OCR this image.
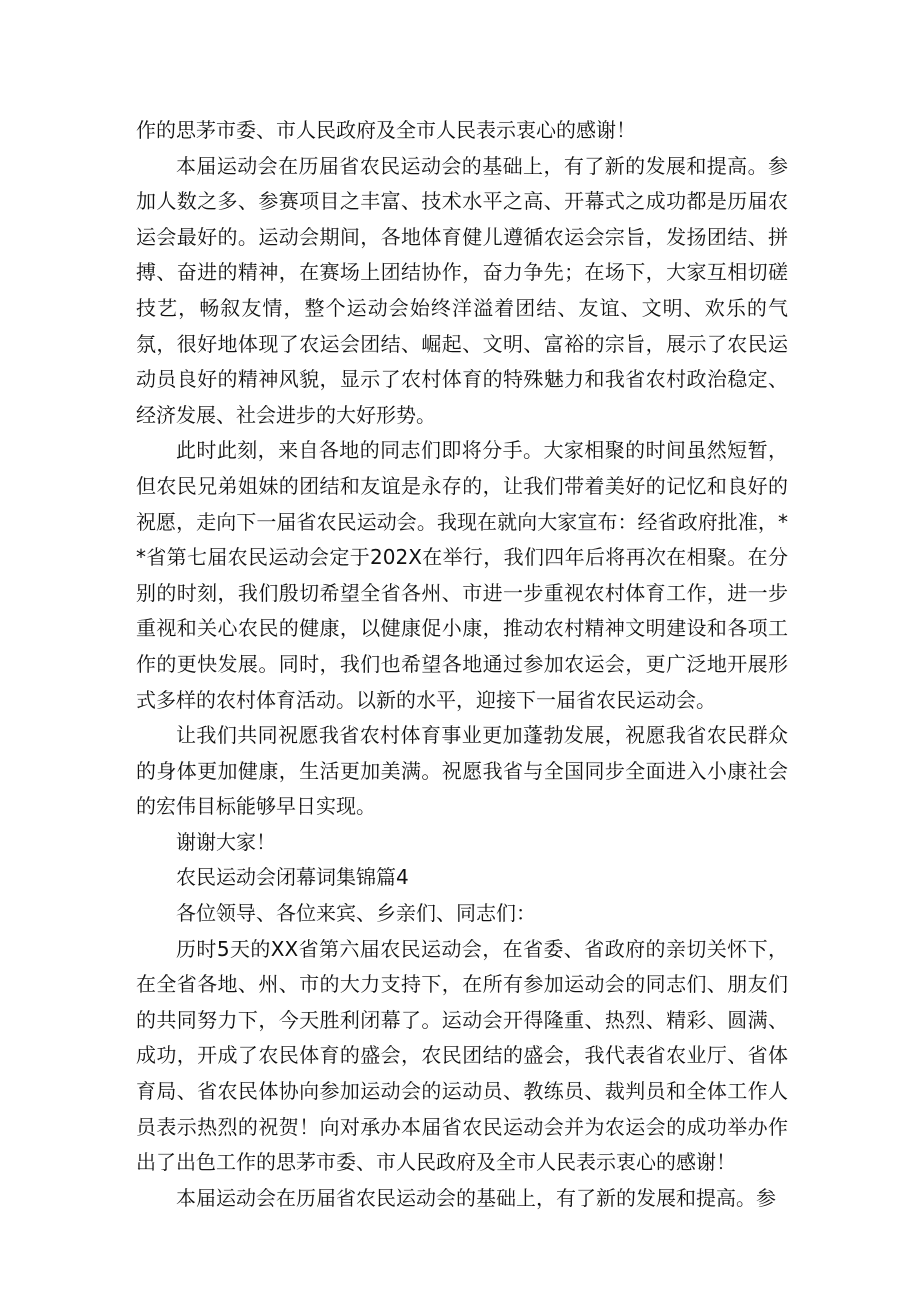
作的思茅市委、市人民政府及全市人民表示衷心的感谢！

本届运动会在历届省农民运动会的基础上，有了新的发展和提高。参加人数之多、参赛项目之丰富、技术水平之高、开幕式之成功都是历届农运会最好的。运动会期间，各地体育健儿遵循农运会宗旨，发扬团结、拼搏、奋进的精神，在赛场上团结协作，奋力争先；在场下，大家互相切磋技艺，畅叙友情，整个运动会始终洋溢着团结、友谊、文明、欢乐的气氛，很好地体现了农运会团结、崛起、文明、富裕的宗旨，展示了农民运动员良好的精神风貌，显示了农村体育的特殊魅力和我省农村政治稳定、经济发展、社会进步的大好形势。

此时此刻，来自各地的同志们即将分手。大家相聚的时间虽然短暂，但农民兄弟姐妹的团结和友谊是永存的，让我们带着美好的记忆和良好的祝愿，走向下一届省农民运动会。我现在就向大家宣布：经省政府批准，**省第七届农民运动会定于202X在举行，我们四年后将再次在相聚。在分别的时刻，我们殷切希望全省各州、市进一步重视农村体育工作，进一步重视和关心农民的健康，以健康促小康，推动农村精神文明建设和各项工作的更快发展。同时，我们也希望各地通过参加农运会，更广泛地开展形式多样的农村体育活动。以新的水平，迎接下一届省农民运动会。

让我们共同祝愿我省农村体育事业更加蓬勃发展，祝愿我省农民群众的身体更加健康，生活更加美满。祝愿我省与全国同步全面进入小康社会的宏伟目标能够早日实现。

谢谢大家！

农民运动会闭幕词集锦篇4

各位领导、各位来宾、乡亲们、同志们：

历时5天的XX省第六届农民运动会，在省委、省政府的亲切关怀下，在全省各地、州、市的大力支持下，在所有参加运动会的同志们、朋友们的共同努力下，今天胜利闭幕了。运动会开得隆重、热烈、精彩、圆满、成功，开成了农民体育的盛会，农民团结的盛会，我代表省农业厅、省体育局、省农民体协向参加运动会的运动员、教练员、裁判员和全体工作人员表示热烈的祝贺！向对承办本届省农民运动会并为农运会的成功举办作出了出色工作的思茅市委、市人民政府及全市人民表示衷心的感谢！

本届运动会在历届省农民运动会的基础上，有了新的发展和提高。参
